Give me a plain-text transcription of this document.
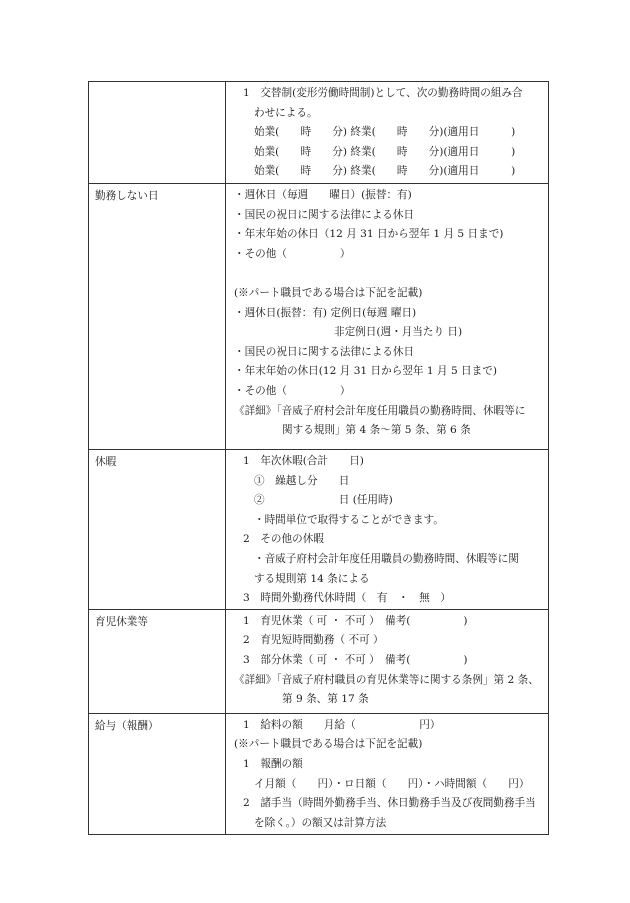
	1　交替制(変形労働時間制)として、次の勤務時間の組み合
わせによる。
始業(　　時　　分) 終業(　　時　　分)(適用日　　　)
始業(　　時　　分) 終業(　　時　　分)(適用日　　　)
始業(　　時　　分) 終業(　　時　　分)(適用日　　　)

勤務しない日	・週休日（毎週　　曜日）(振替：有)
・国民の祝日に関する法律による休日
・年末年始の休日（12 月 31 日から翌年 1 月 5 日まで)
・その他（　　　　　）
(※パート職員である場合は下記を記載)
・週休日(振替：有) 定例日(毎週 曜日)
非定例日(週・月当たり 日)
・国民の祝日に関する法律による休日
・年末年始の休日(12 月 31 日から翌年 1 月 5 日まで)
・その他（　　　　　）
《詳細》「音威子府村会計年度任用職員の勤務時間、休暇等に
関する規則」第 4 条〜第 5 条、第 6 条

休暇	1　年次休暇(合計　　日)
①　繰越し分　　日
②　　　　　　　日 (任用時)
・時間単位で取得することができます。
2　その他の休暇
・音威子府村会計年度任用職員の勤務時間、休暇等に関
する規則第 14 条による
3　時間外勤務代休時間（　有　・　無　）

育児休業等	1　育児休業（ 可 ・ 不可 ）　備考(　　　　　)
2　育児短時間勤務（ 不可 ）
3　部分休業（ 可 ・ 不可 ）　備考(　　　　　)
《詳細》「音威子府村職員の育児休業等に関する条例」第 2 条、
第 9 条、第 17 条

給与（報酬）	1　給料の額　　月給（　　　　　　円）
(※パート職員である場合は下記を記載)
1　報酬の額
イ月額（　　円）・ロ日額（　　円）・ハ時間額（　　円）
2　諸手当（時間外勤務手当、休日勤務手当及び夜間勤務手当
を除く。）の額又は計算方法
